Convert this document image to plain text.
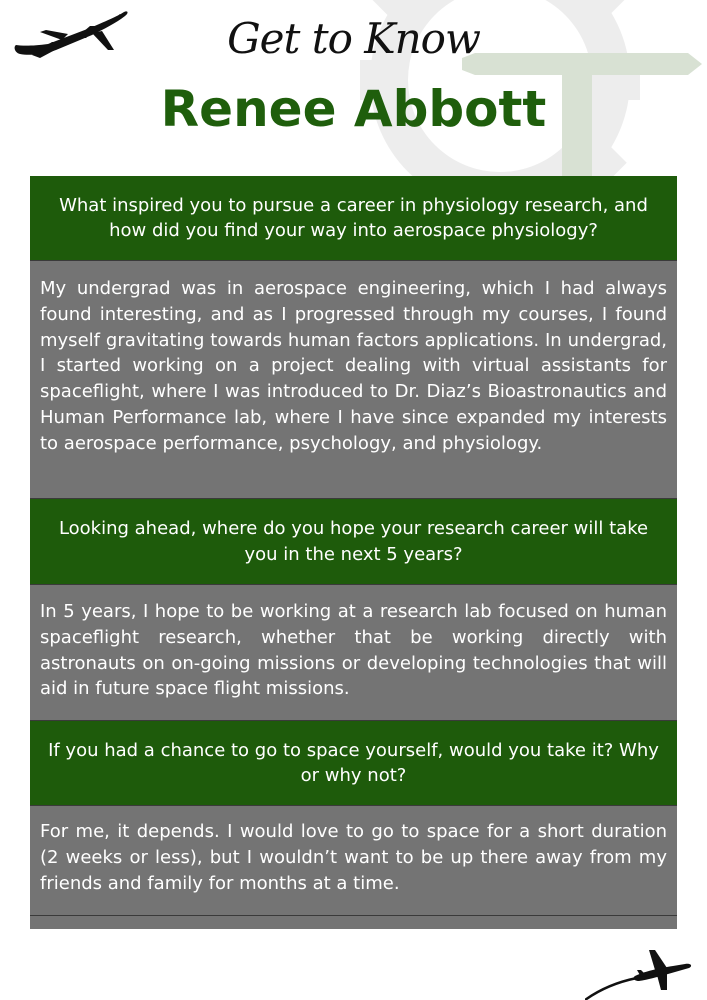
Get to Know
Renee Abbott
What inspired you to pursue a career in physiology research, and how did you find your way into aerospace physiology?
My undergrad was in aerospace engineering, which I had always found interesting, and as I progressed through my courses, I found myself gravitating towards human factors applications. In undergrad, I started working on a project dealing with virtual assistants for spaceflight, where I was introduced to Dr. Diaz’s Bioastronautics and Human Performance lab, where I have since expanded my interests to aerospace performance, psychology, and physiology.
Looking ahead, where do you hope your research career will take you in the next 5 years?
In 5 years, I hope to be working at a research lab focused on human spaceflight research, whether that be working directly with astronauts on on-going missions or developing technologies that will aid in future space flight missions.
If you had a chance to go to space yourself, would you take it? Why or why not?
For me, it depends. I would love to go to space for a short duration (2 weeks or less), but I wouldn’t want to be up there away from my friends and family for months at a time.
